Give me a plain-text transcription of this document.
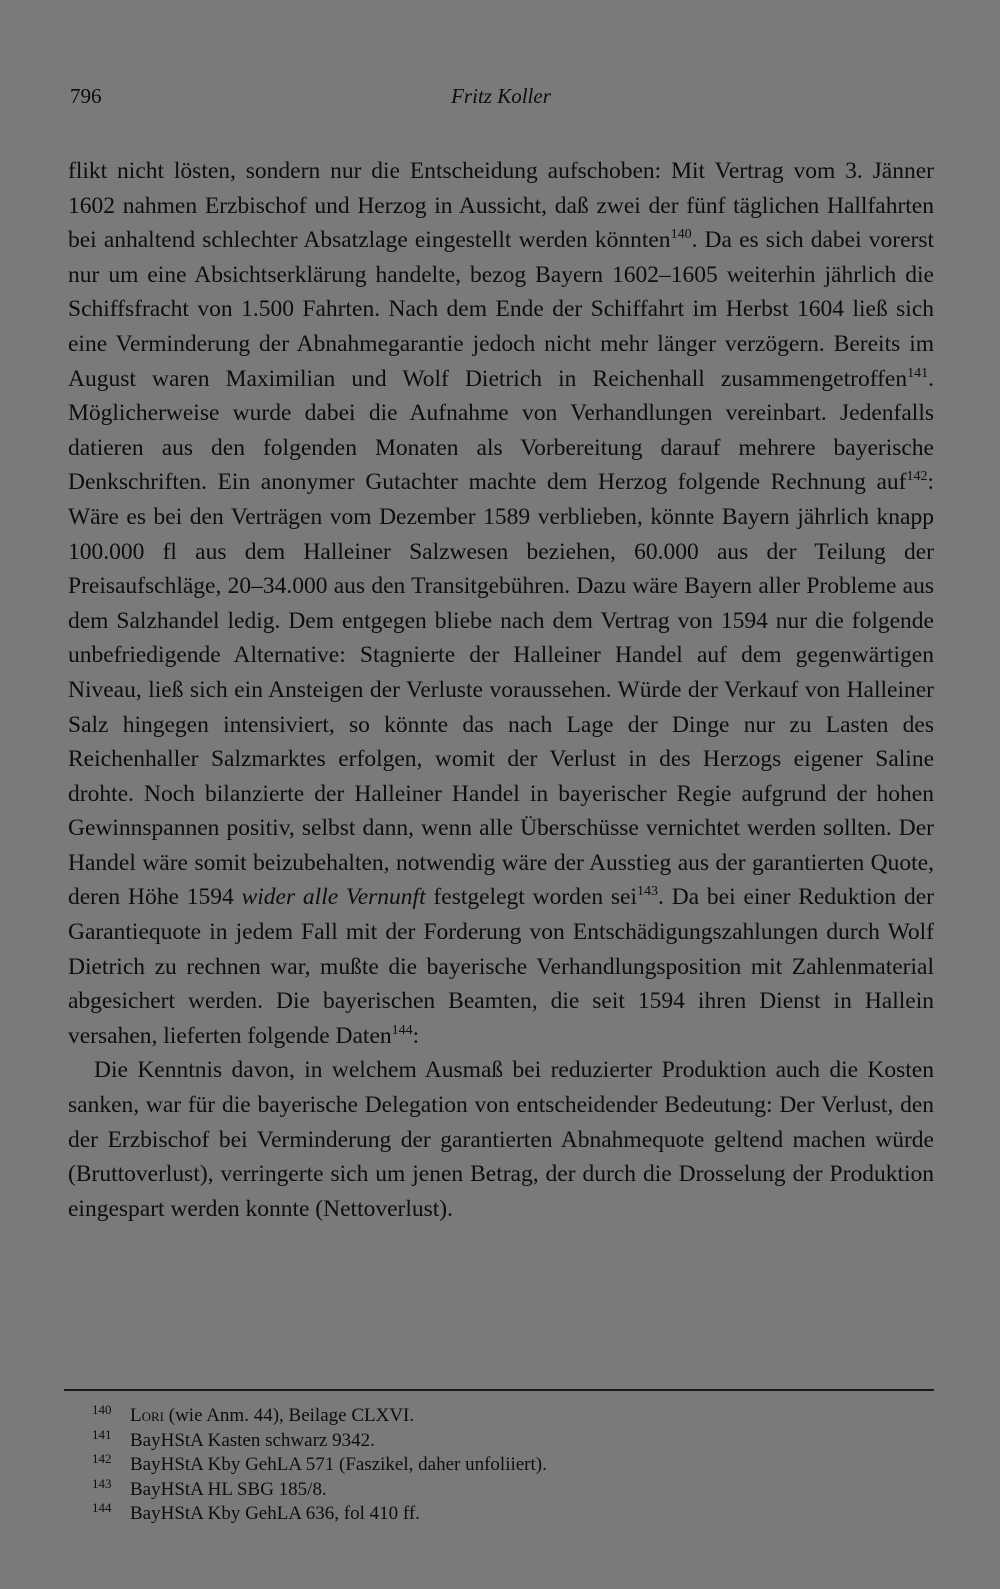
796	Fritz Koller

flikt nicht lösten, sondern nur die Entscheidung aufschoben: Mit Vertrag vom 3. Jänner 1602 nahmen Erzbischof und Herzog in Aussicht, daß zwei der fünf täglichen Hallfahrten bei anhaltend schlechter Absatzlage eingestellt werden könnten$^{140}$. Da es sich dabei vorerst nur um eine Absichtserklärung handelte, bezog Bayern 1602–1605 weiterhin jährlich die Schiffsfracht von 1.500 Fahrten. Nach dem Ende der Schiffahrt im Herbst 1604 ließ sich eine Verminderung der Abnahmegarantie jedoch nicht mehr länger verzögern. Bereits im August waren Maximilian und Wolf Dietrich in Reichenhall zusammengetroffen$^{141}$. Möglicherweise wurde dabei die Aufnahme von Verhandlungen vereinbart. Jedenfalls datieren aus den folgenden Monaten als Vorbereitung darauf mehrere bayerische Denkschriften. Ein anonymer Gutachter machte dem Herzog folgende Rechnung auf$^{142}$: Wäre es bei den Verträgen vom Dezember 1589 verblieben, könnte Bayern jährlich knapp 100.000 fl aus dem Halleiner Salzwesen beziehen, 60.000 aus der Teilung der Preisaufschläge, 20–34.000 aus den Transitgebühren. Dazu wäre Bayern aller Probleme aus dem Salzhandel ledig. Dem entgegen bliebe nach dem Vertrag von 1594 nur die folgende unbefriedigende Alternative: Stagnierte der Halleiner Handel auf dem gegenwärtigen Niveau, ließ sich ein Ansteigen der Verluste voraussehen. Würde der Verkauf von Halleiner Salz hingegen intensiviert, so könnte das nach Lage der Dinge nur zu Lasten des Reichenhaller Salzmarktes erfolgen, womit der Verlust in des Herzogs eigener Saline drohte. Noch bilanzierte der Halleiner Handel in bayerischer Regie aufgrund der hohen Gewinnspannen positiv, selbst dann, wenn alle Überschüsse vernichtet werden sollten. Der Handel wäre somit beizubehalten, notwendig wäre der Ausstieg aus der garantierten Quote, deren Höhe 1594 wider alle Vernunft festgelegt worden sei$^{143}$. Da bei einer Reduktion der Garantiequote in jedem Fall mit der Forderung von Entschädigungszahlungen durch Wolf Dietrich zu rechnen war, mußte die bayerische Verhandlungsposition mit Zahlenmaterial abgesichert werden. Die bayerischen Beamten, die seit 1594 ihren Dienst in Hallein versahen, lieferten folgende Daten$^{144}$:

Die Kenntnis davon, in welchem Ausmaß bei reduzierter Produktion auch die Kosten sanken, war für die bayerische Delegation von entscheidender Bedeutung: Der Verlust, den der Erzbischof bei Verminderung der garantierten Abnahmequote geltend machen würde (Bruttoverlust), verringerte sich um jenen Betrag, der durch die Drosselung der Produktion eingespart werden konnte (Nettoverlust).

140 Lori (wie Anm. 44), Beilage CLXVI.
141 BayHStA Kasten schwarz 9342.
142 BayHStA Kby GehLA 571 (Faszikel, daher unfoliiert).
143 BayHStA HL SBG 185/8.
144 BayHStA Kby GehLA 636, fol 410 ff.
